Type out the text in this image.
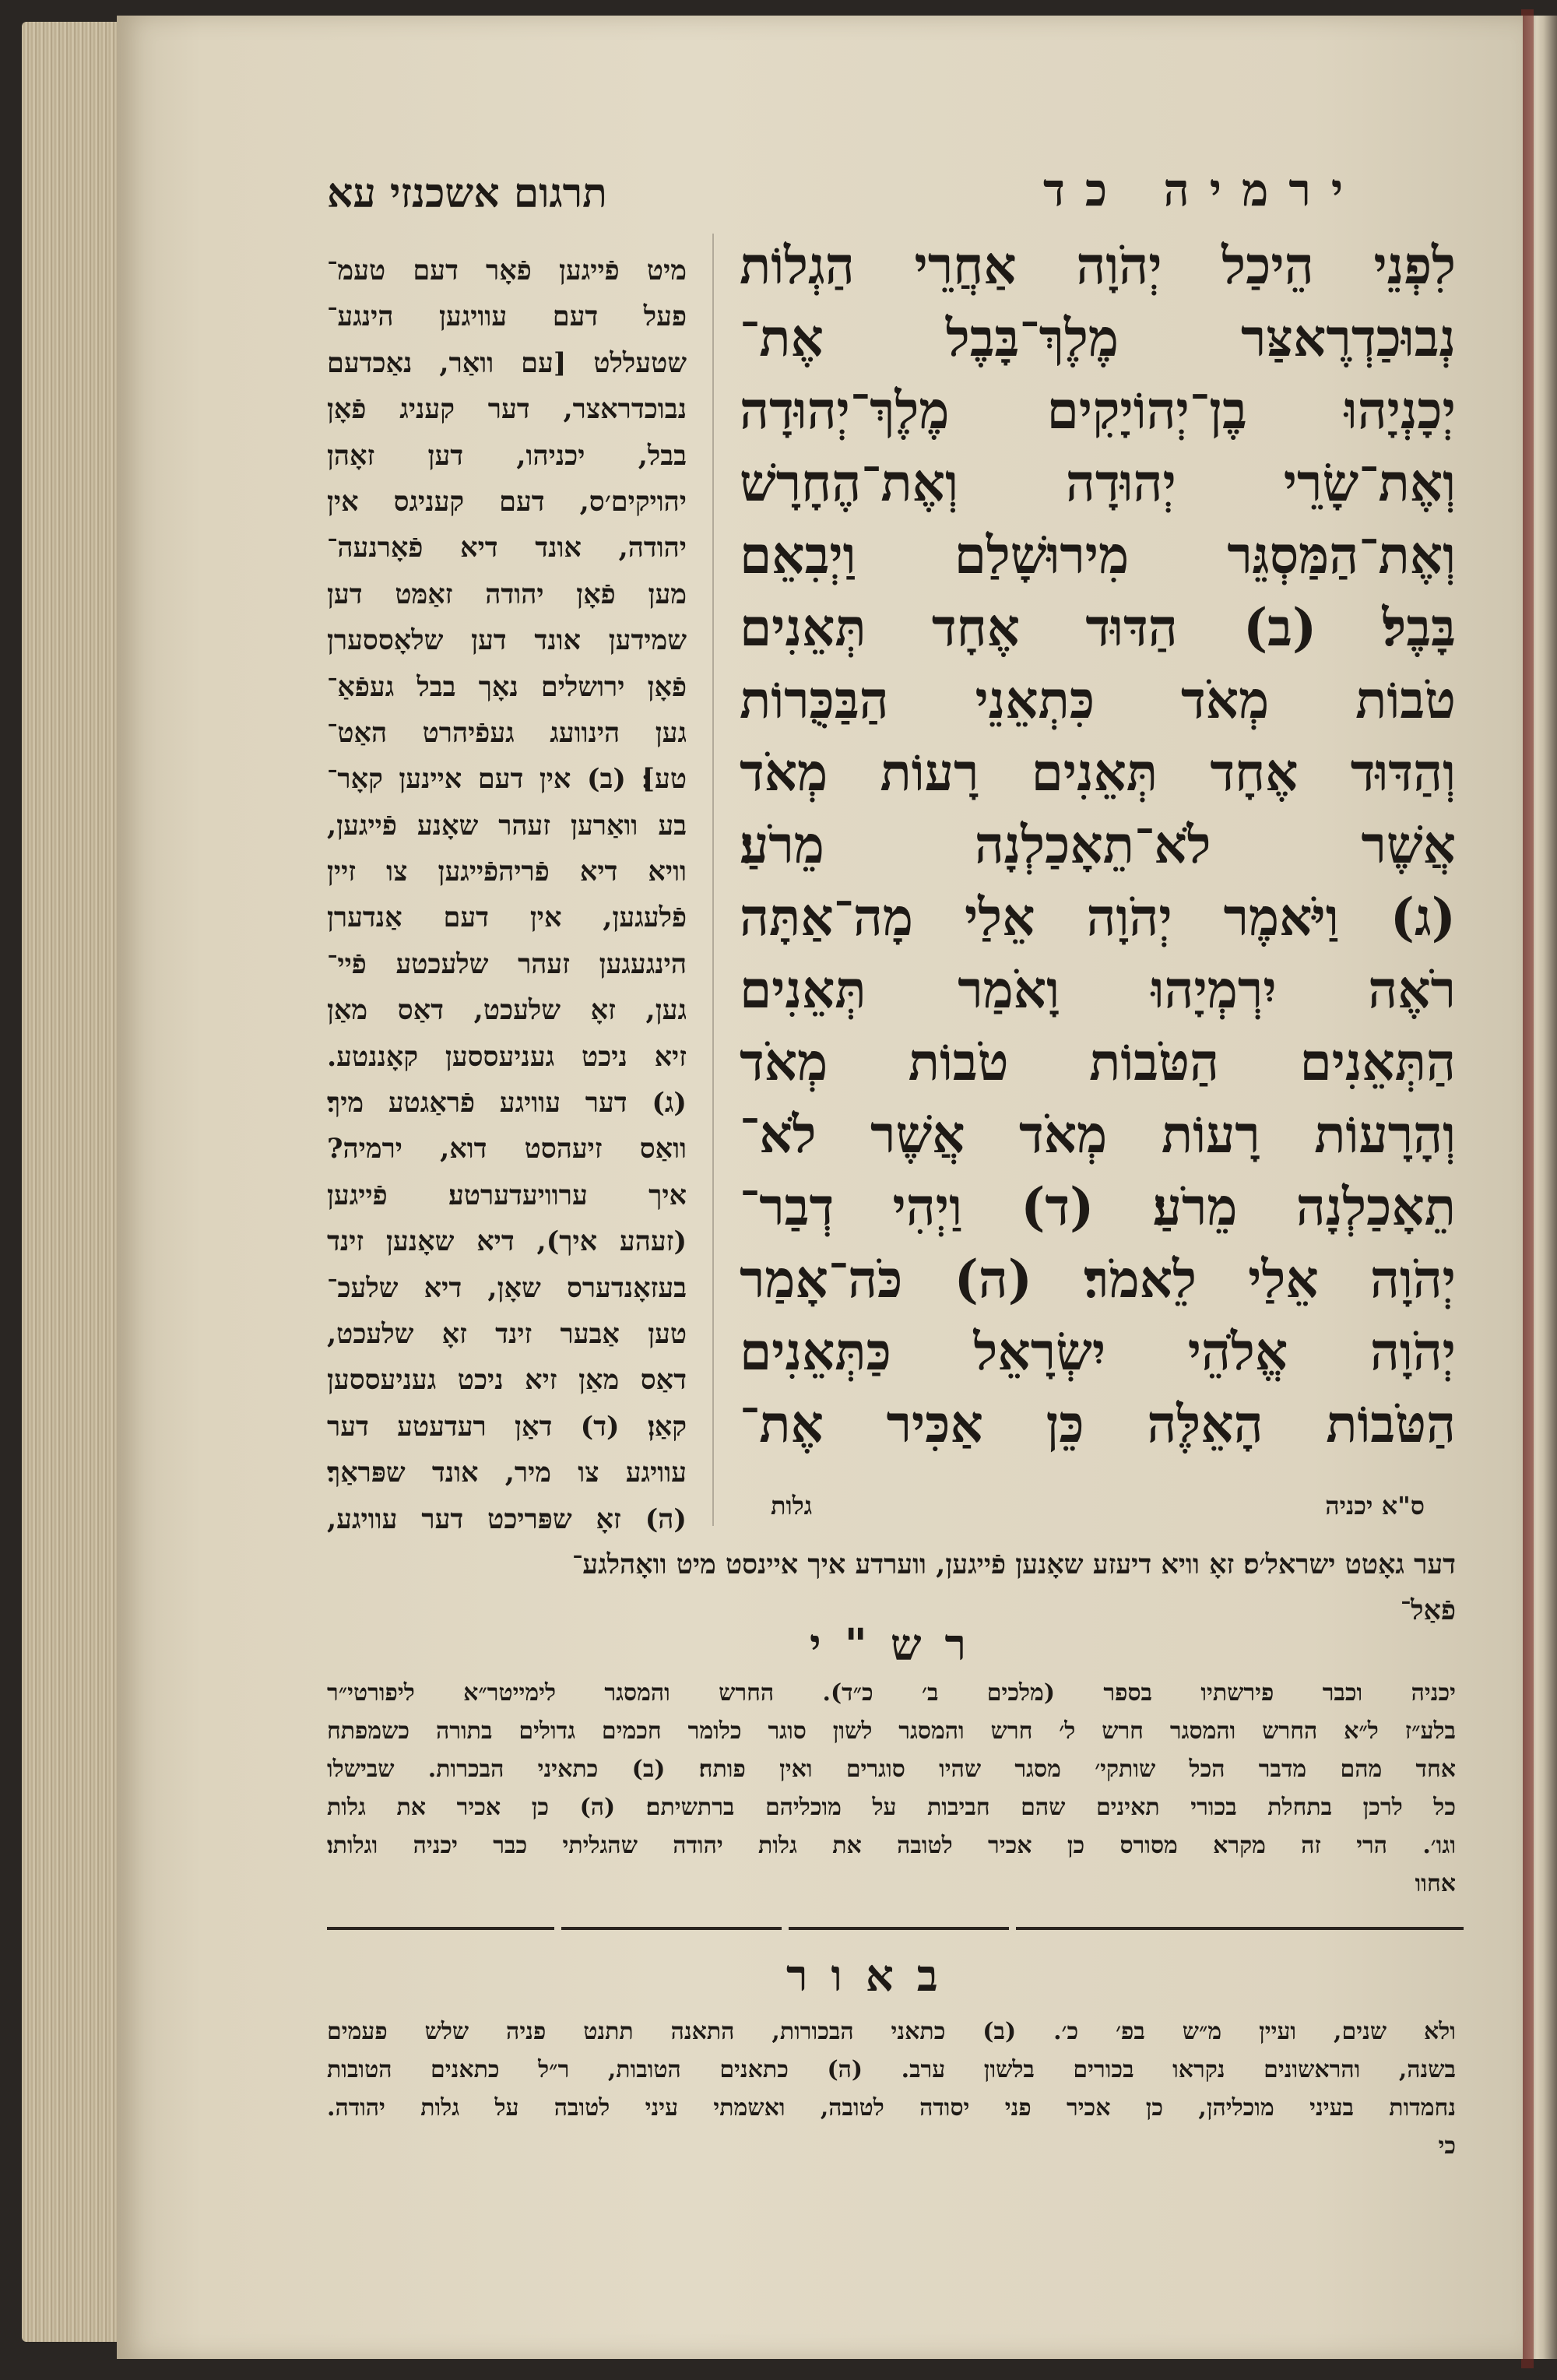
ירמיה כד
תרגום אשכנזי עא
לִפְנֵי הֵיכַל יְהֹוָה אַחֲרֵי הַגְלוֹת
נְבוּכַדְרֶאצַּר מֶלֶךְ־בָּבֶל אֶת־
יְכָנְיָהוּ בֶן־יְהוֹיָקִים מֶלֶךְ־יְהוּדָה
וְאֶת־שָׂרֵי יְהוּדָה וְאֶת־הֶחָרָשׁ
וְאֶת־הַמַּסְגֵּר מִירוּשָׁלַם וַיְבִאֵם
בָּבֶל׃ (ב) הַדּוּד אֶחָד תְּאֵנִים
טֹבוֹת מְאֹד כִּתְאֵנֵי הַבַּכֻּרוֹת
וְהַדּוּד אֶחָד תְּאֵנִים רָעוֹת מְאֹד
אֲשֶׁר לֹא־תֵאָכַלְנָה מֵרֹעַ׃
(ג) וַיֹּאמֶר יְהֹוָה אֵלַי מָה־אַתָּה
רֹאֶה יִרְמְיָהוּ וָאֹמַר תְּאֵנִים
הַתְּאֵנִים הַטֹּבוֹת טֹבוֹת מְאֹד
וְהָרָעוֹת רָעוֹת מְאֹד אֲשֶׁר לֹא־
תֵאָכַלְנָה מֵרֹעַ׃ (ד) וַיְהִי דְבַר־
יְהֹוָה אֵלַי לֵאמֹר׃ (ה) כֹּה־אָמַר
יְהֹוָה אֱלֹהֵי יִשְׂרָאֵל כַּתְּאֵנִים
הַטֹּבוֹת הָאֵלֶּה כֵּן אַכִּיר אֶת־
ס"א יכניה
גלות
מיט פֿייגען פֿאָר דעם טעמ־
פעל דעם עוויגען הינגע־
שטעללט [עם וואַר, נאַכדעם
נבוכדראצר, דער קעניג פֿאָן
בבל, יכניהו, דען זאָהן
יהויקים׳ס, דעם קעניגס אין
יהודה, אונד דיא פֿאָרנעה־
מען פֿאָן יהודה זאַמּט דען
שמידען אונד דען שלאָססערן
פֿאָן ירושלים נאָך בבל געפֿאַ־
גען הינוועג געפֿיהרט האַט־
טע]׃ (ב) אין דעם איינען קאָר־
בע וואַרען זעהר שאָנע פֿייגען,
וויא דיא פֿריהפֿייגען צו זיין
פֿלעגען, אין דעם אַנדערן
הינגעגען זעהר שלעכטע פֿיי־
גען, זאָ שלעכט, דאַס מאַן
זיא ניכט געניעססען קאָננטע.
(ג) דער עוויגע פֿראַגטע מיך׃
וואַס זיעהסט דוא, ירמיה?
איך ערוויעדערטע׃ פֿייגען
(זעהע איך), דיא שאָנען זינד
בעזאָנדערס שאָן, דיא שלעכ־
טען אַבער זינד זאָ שלעכט,
דאַס מאַן זיא ניכט געניעססען
קאַן׃ (ד) דאַן רעדעטע דער
עוויגע צו מיר, אונד שפּראַך׃
(ה) זאָ שפּריכט דער עוויגע,
דער גאָטט ישראל׳ס׃ זאָ וויא דיעזע שאָנען פֿייגען, ווערדע איך איינסט מיט וואָהלגע־
פֿאַל־
רש"י
יכניה וכבר פירשתיו בספר (מלכים ב׳ כ״ד). החרש והמסגר לימייטר״א ליפורטי״ר
בלע״ז ל״א החרש והמסגר חרש ל׳ חרש והמסגר לשון סוגר כלומר חכמים גדולים בתורה כשמפתח
אחד מהם מדבר הכל שותקי׳ מסגר שהיו סוגרים ואין פותח׃ (ב) כתאיני הבכרות. שבישלו
כל לרכן בתחלת בכורי תאינים שהם חביבות על מוכליהם ברתשיתם׃ (ה) כן אכיר את גלות
וגו׳. הרי זה מקרא מסורס כן אכיר לטובה את גלות יהודה שהגליתי כבר יכניה וגלותו׃
אחוו
באור
ולא שנים, ועיין מ״ש בפ׳ כ׳. (ב) כתאני הבכורות, התאנה תתנט פניה שלש פעמים
בשנה, והראשונים נקראו בכורים בלשון ערב. (ה) כתאנים הטובות, ר״ל כתאנים הטובות
נחמדות בעיני מוכליהן, כן אכיר פני יסודה לטובה, ואשמתי עיני לטובה על גלות יהודה.
כי
